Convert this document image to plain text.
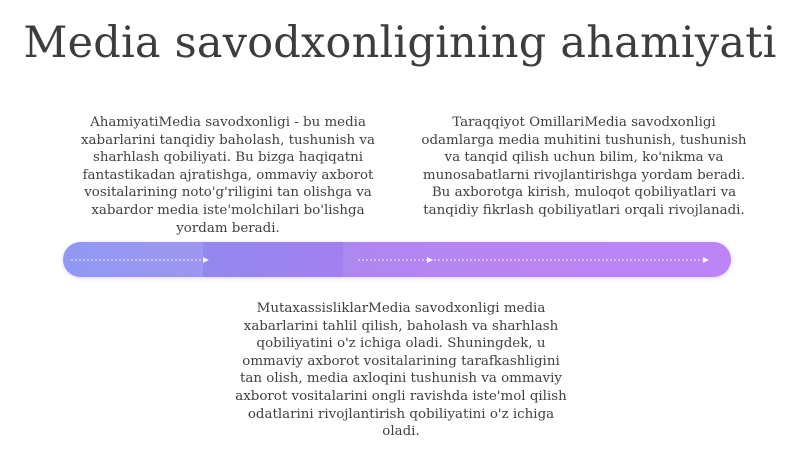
Media savodxonligining ahamiyati
AhamiyatiMedia savodxonligi - bu media xabarlarini tanqidiy baholash, tushunish va sharhlash qobiliyati. Bu bizga haqiqatni fantastikadan ajratishga, ommaviy axborot vositalarining noto'g'riligini tan olishga va xabardor media iste'molchilari bo'lishga yordam beradi.
Taraqqiyot OmillariMedia savodxonligi odamlarga media muhitini tushunish, tushunish va tanqid qilish uchun bilim, ko'nikma va munosabatlarni rivojlantirishga yordam beradi. Bu axborotga kirish, muloqot qobiliyatlari va tanqidiy fikrlash qobiliyatlari orqali rivojlanadi.
MutaxassisliklarMedia savodxonligi media xabarlarini tahlil qilish, baholash va sharhlash qobiliyatini o'z ichiga oladi. Shuningdek, u ommaviy axborot vositalarining tarafkashligini tan olish, media axloqini tushunish va ommaviy axborot vositalarini ongli ravishda iste'mol qilish odatlarini rivojlantirish qobiliyatini o'z ichiga oladi.
